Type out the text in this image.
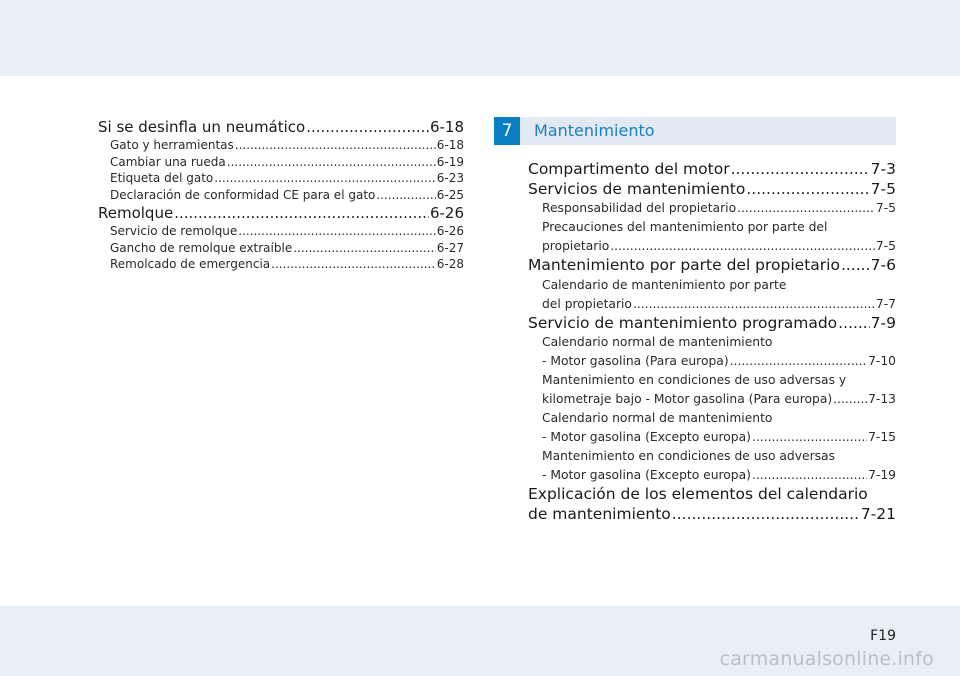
Si se desinfla un neumático .....	6-18
Gato y herramientas .....	6-18
Cambiar una rueda .....	6-19
Etiqueta del gato .....	6-23
Declaración de conformidad CE para el gato .....	6-25
Remolque .....	6-26
Servicio de remolque .....	6-26
Gancho de remolque extraíble .....	6-27
Remolcado de emergencia .....	6-28
7	Mantenimiento
Compartimento del motor .....	7-3
Servicios de mantenimiento .....	7-5
Responsabilidad del propietario .....	7-5
Precauciones del mantenimiento por parte del
propietario .....	7-5
Mantenimiento por parte del propietario ..... 7-6
Calendario de mantenimiento por parte
del propietario .....	7-7
Servicio de mantenimiento programado ..... 7-9
Calendario normal de mantenimiento
- Motor gasolina (Para europa) .....	7-10
Mantenimiento en condiciones de uso adversas y
kilometraje bajo - Motor gasolina (Para europa) .....	7-13
Calendario normal de mantenimiento
- Motor gasolina (Excepto europa) .....	7-15
Mantenimiento en condiciones de uso adversas
- Motor gasolina (Excepto europa) .....	7-19
Explicación de los elementos del calendario
de mantenimiento .....	7-21
F19
carmanualsonline.info
